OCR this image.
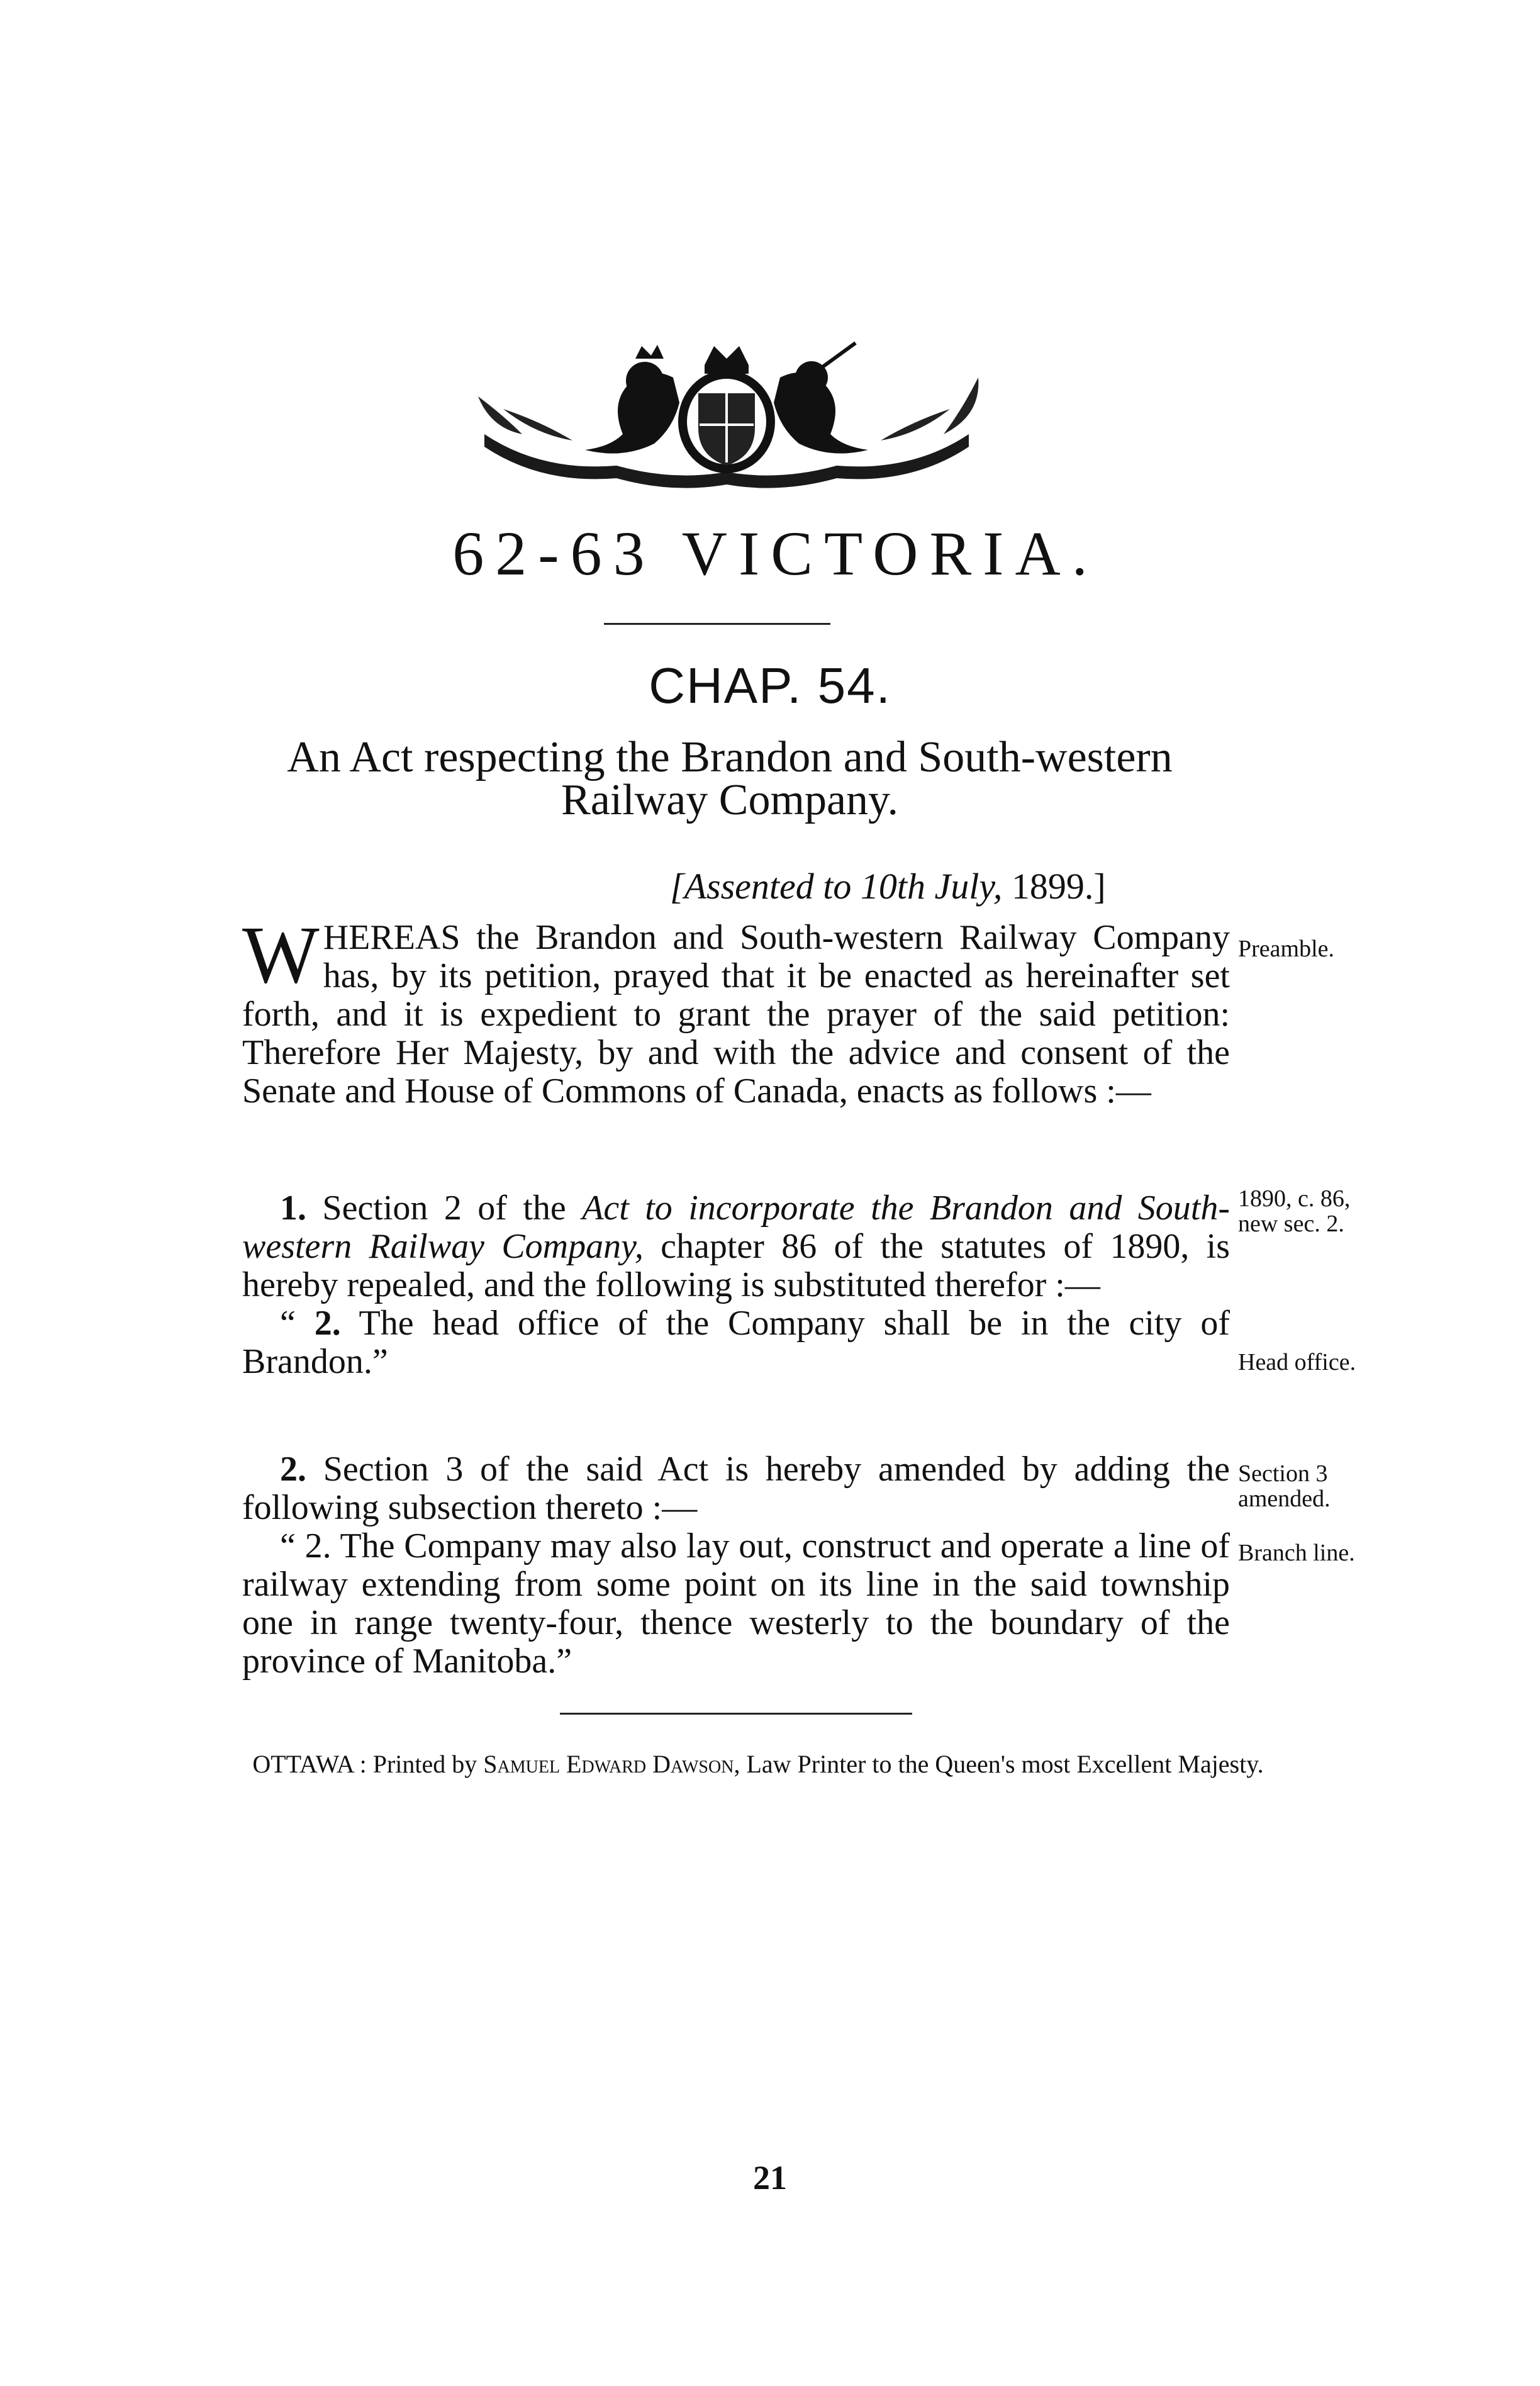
62-63 VICTORIA.
CHAP. 54.
An Act respecting the Brandon and South-western
Railway Company.
[Assented to 10th July, 1899.]
WHEREAS the Brandon and South-western Railway Company has, by its petition, prayed that it be enacted as hereinafter set forth, and it is expedient to grant the prayer of the said petition: Therefore Her Majesty, by and with the advice and consent of the Senate and House of Commons of Canada, enacts as follows :—

1. Section 2 of the Act to incorporate the Brandon and South-western Railway Company, chapter 86 of the statutes of 1890, is hereby repealed, and the following is substituted therefor :—

“ 2. The head office of the Company shall be in the city of Brandon.”

2. Section 3 of the said Act is hereby amended by adding the following subsection thereto :—

“ 2. The Company may also lay out, construct and operate a line of railway extending from some point on its line in the said township one in range twenty-four, thence westerly to the boundary of the province of Manitoba.”

Preamble.
1890, c. 86, new sec. 2.
Head office.
Section 3 amended.
Branch line.
OTTAWA : Printed by Samuel Edward Dawson, Law Printer to the Queen's most Excellent Majesty.
21
